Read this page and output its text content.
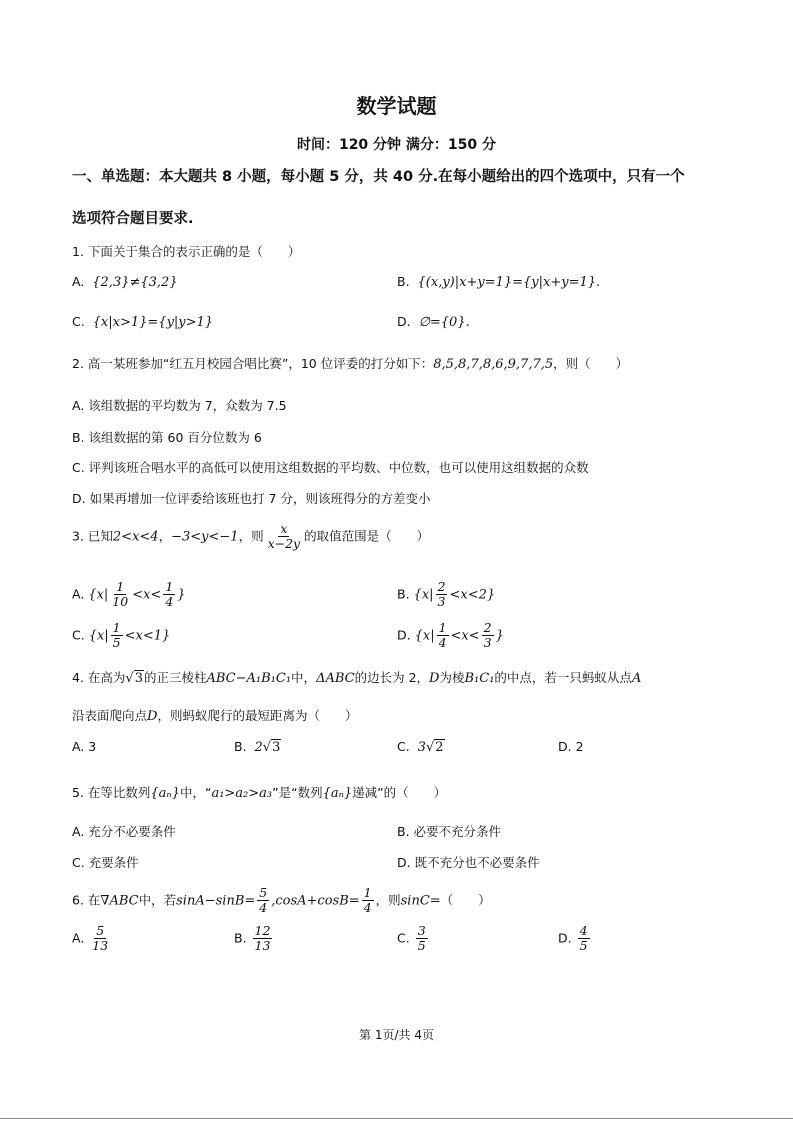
数学试题
时间：120 分钟 满分：150 分
一、单选题：本大题共 8 小题，每小题 5 分，共 40 分.在每小题给出的四个选项中，只有一个
选项符合题目要求.
1. 下面关于集合的表示正确的是（　　）
A. {2,3}≠{3,2}	B. {(x,y)|x+y=1}={y|x+y=1}.
C. {x|x>1}={y|y>1}	D. ∅={0}.
2. 高一某班参加“红五月校园合唱比赛”，10 位评委的打分如下：8,5,8,7,8,6,9,7,7,5，则（　　）
A. 该组数据的平均数为 7，众数为 7.5
B. 该组数据的第 60 百分位数为 6
C. 评判该班合唱水平的高低可以使用这组数据的平均数、中位数，也可以使用这组数据的众数
D. 如果再增加一位评委给该班也打 7 分，则该班得分的方差变小
3. 已知2<x<4，−3<y<−1，则 $\frac{x}{x-2y}$ 的取值范围是（　　）
A. {$x| \frac{1}{10} <x< \frac{1}{4}$ }	B. $\{x| \frac{2}{3} <x<2\}$
C. $\{x| \frac{1}{5} <x<1\}$	D. {$x| \frac{1}{4} <x< \frac{2}{3}$ }
4. 在高为√3的正三棱柱ABC−A₁B₁C₁中，ΔABC的边长为 2，D为棱B₁C₁的中点，若一只蚂蚁从点A
沿表面爬向点D，则蚂蚁爬行的最短距离为（　　）
A. 3	B. 2√3	C. 3√2	D. 2
5. 在等比数列{aₙ}中，“a₁>a₂>a₃”是“数列{aₙ}递减”的（　　）
A. 充分不必要条件	B. 必要不充分条件
C. 充要条件	D. 既不充分也不必要条件
6. 在∇ABC中，若$\sin A-\sin B= \frac{5}{4} ,\cos A+\cos B= \frac{1}{4}$ ，则sinC=（　　）
A. $\frac{5}{13}$	B. $\frac{12}{13}$	C. $\frac{3}{5}$	D. $\frac{4}{5}$
第 1页/共 4页
